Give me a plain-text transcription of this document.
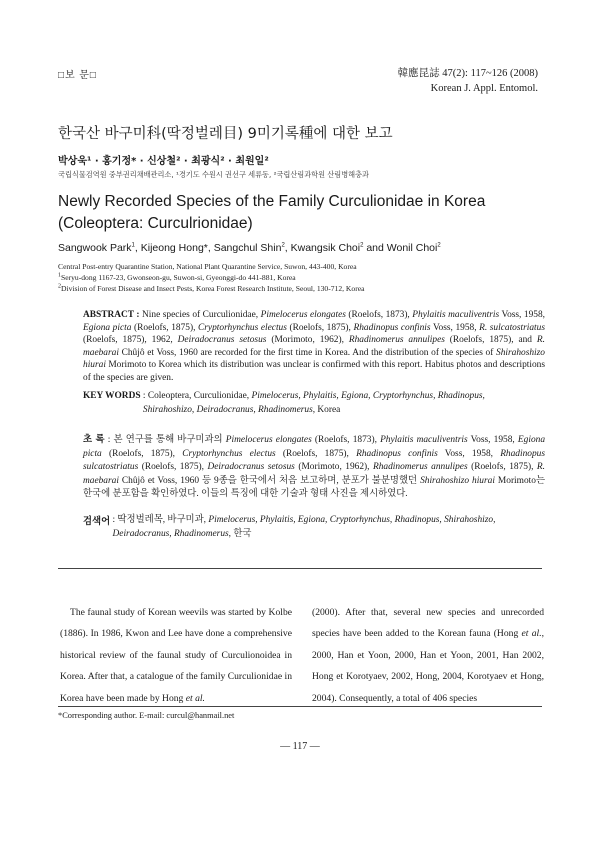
□보 문□	韓應昆誌 47(2): 117~126 (2008)
Korean J. Appl. Entomol.
한국산 바구미科(딱정벌레目) 9미기록種에 대한 보고
박상욱¹ · 홍기정* · 신상철² · 최광식² · 최원일²
국립식물검역원 중부권리채배관리소, ¹경기도 수원시 권선구 세류동, ²국립산림과학원 산림병해충과
Newly Recorded Species of the Family Curculionidae in Korea (Coleoptera: Curculrionidae)
Sangwook Park$^1$, Kijeong Hong*, Sangchul Shin$^2$, Kwangsik Choi$^2$ and Wonil Choi$^2$
Central Post-entry Quarantine Station, National Plant Quarantine Service, Suwon, 443-400, Korea
$^1$Seryu-dong 1167-23, Gwonseon-gu, Suwon-si, Gyeonggi-do 441-881, Korea
$^2$Division of Forest Disease and Insect Pests, Korea Forest Research Institute, Seoul, 130-712, Korea
ABSTRACT : Nine species of Curculionidae, Pimelocerus elongates (Roelofs, 1873), Phylaitis maculiventris Voss, 1958, Egiona picta (Roelofs, 1875), Cryptorhynchus electus (Roelofs, 1875), Rhadinopus confinis Voss, 1958, R. sulcatostriatus (Roelofs, 1875), 1962, Deiradocranus setosus (Morimoto, 1962), Rhadinomerus annulipes (Roelofs, 1875), and R. maebarai Chûjô et Voss, 1960 are recorded for the first time in Korea. And the distribution of the species of Shirahoshizo hiurai Morimoto to Korea which its distribution was unclear is confirmed with this report. Habitus photos and descriptions of the species are given.
KEY WORDS : Coleoptera, Curculionidae, Pimelocerus, Phylaitis, Egiona, Cryptorhynchus, Rhadinopus, Shirahoshizo, Deiradocranus, Rhadinomerus, Korea
초 록 : 본 연구를 통해 바구미과의 Pimelocerus elongates (Roelofs, 1873), Phylaitis maculiventris Voss, 1958, Egiona picta (Roelofs, 1875), Cryptorhynchus electus (Roelofs, 1875), Rhadinopus confinis Voss, 1958, Rhadinopus sulcatostriatus (Roelofs, 1875), Deiradocranus setosus (Morimoto, 1962), Rhadinomerus annulipes (Roelofs, 1875), R. maebarai Chûjô et Voss, 1960 등 9종을 한국에서 처음 보고하며, 분포가 불분명했던 Shirahoshizo hiurai Morimoto는 한국에 분포함을 확인하였다. 이들의 특징에 대한 기술과 형태 사진을 제시하였다.
검색어 : 딱정벌레목, 바구미과, Pimelocerus, Phylaitis, Egiona, Cryptorhynchus, Rhadinopus, Shirahoshizo, Deiradocranus, Rhadinomerus, 한국
The faunal study of Korean weevils was started by Kolbe (1886). In 1986, Kwon and Lee have done a comprehensive historical review of the faunal study of Curculionoidea in Korea. After that, a catalogue of the family Curculionidae in Korea have been made by Hong et al.
(2000). After that, several new species and unrecorded species have been added to the Korean fauna (Hong et al., 2000, Han et Yoon, 2000, Han et Yoon, 2001, Han 2002, Hong et Korotyaev, 2002, Hong, 2004, Korotyaev et Hong, 2004). Consequently, a total of 406 species
*Corresponding author. E-mail: curcul@hanmail.net
— 117 —
